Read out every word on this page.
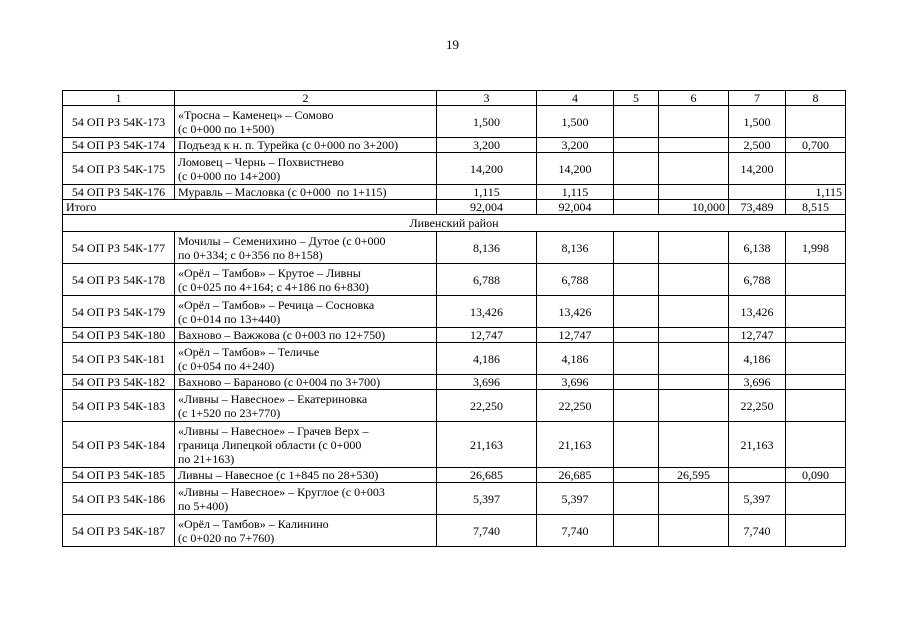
19
1	2	3	4	5	6	7	8
54 ОП РЗ 54К-173	«Тросна – Каменец» – Сомово
(с 0+000 по 1+500)	1,500	1,500			1,500	
54 ОП РЗ 54К-174	Подъезд к н. п. Турейка (с 0+000 по 3+200)	3,200	3,200			2,500	0,700
54 ОП РЗ 54К-175	Ломовец – Чернь – Похвистнево
(с 0+000 по 14+200)	14,200	14,200			14,200	
54 ОП РЗ 54К-176	Муравль – Масловка (с 0+000  по 1+115)	1,115	1,115				1,115
Итого		92,004	92,004		10,000	73,489	8,515
Ливенский район							
54 ОП РЗ 54К-177	Мочилы – Семенихино – Дутое (с 0+000
по 0+334; с 0+356 по 8+158)	8,136	8,136			6,138	1,998
54 ОП РЗ 54К-178	«Орёл – Тамбов» – Крутое – Ливны
(с 0+025 по 4+164; с 4+186 по 6+830)	6,788	6,788			6,788	
54 ОП РЗ 54К-179	«Орёл – Тамбов» – Речица – Сосновка
(с 0+014 по 13+440)	13,426	13,426			13,426	
54 ОП РЗ 54К-180	Вахново – Важжова (с 0+003 по 12+750)	12,747	12,747			12,747	
54 ОП РЗ 54К-181	«Орёл – Тамбов» – Теличье
(с 0+054 по 4+240)	4,186	4,186			4,186	
54 ОП РЗ 54К-182	Вахново – Бараново (с 0+004 по 3+700)	3,696	3,696			3,696	
54 ОП РЗ 54К-183	«Ливны – Навесное» – Екатериновка
(с 1+520 по 23+770)	22,250	22,250			22,250	
54 ОП РЗ 54К-184	«Ливны – Навесное» – Грачев Верх –
граница Липецкой области (с 0+000
по 21+163)	21,163	21,163			21,163	
54 ОП РЗ 54К-185	Ливны – Навесное (с 1+845 по 28+530)	26,685	26,685		26,595		0,090
54 ОП РЗ 54К-186	«Ливны – Навесное» – Круглое (с 0+003
по 5+400)	5,397	5,397			5,397	
54 ОП РЗ 54К-187	«Орёл – Тамбов» – Калинино
(с 0+020 по 7+760)	7,740	7,740			7,740	
